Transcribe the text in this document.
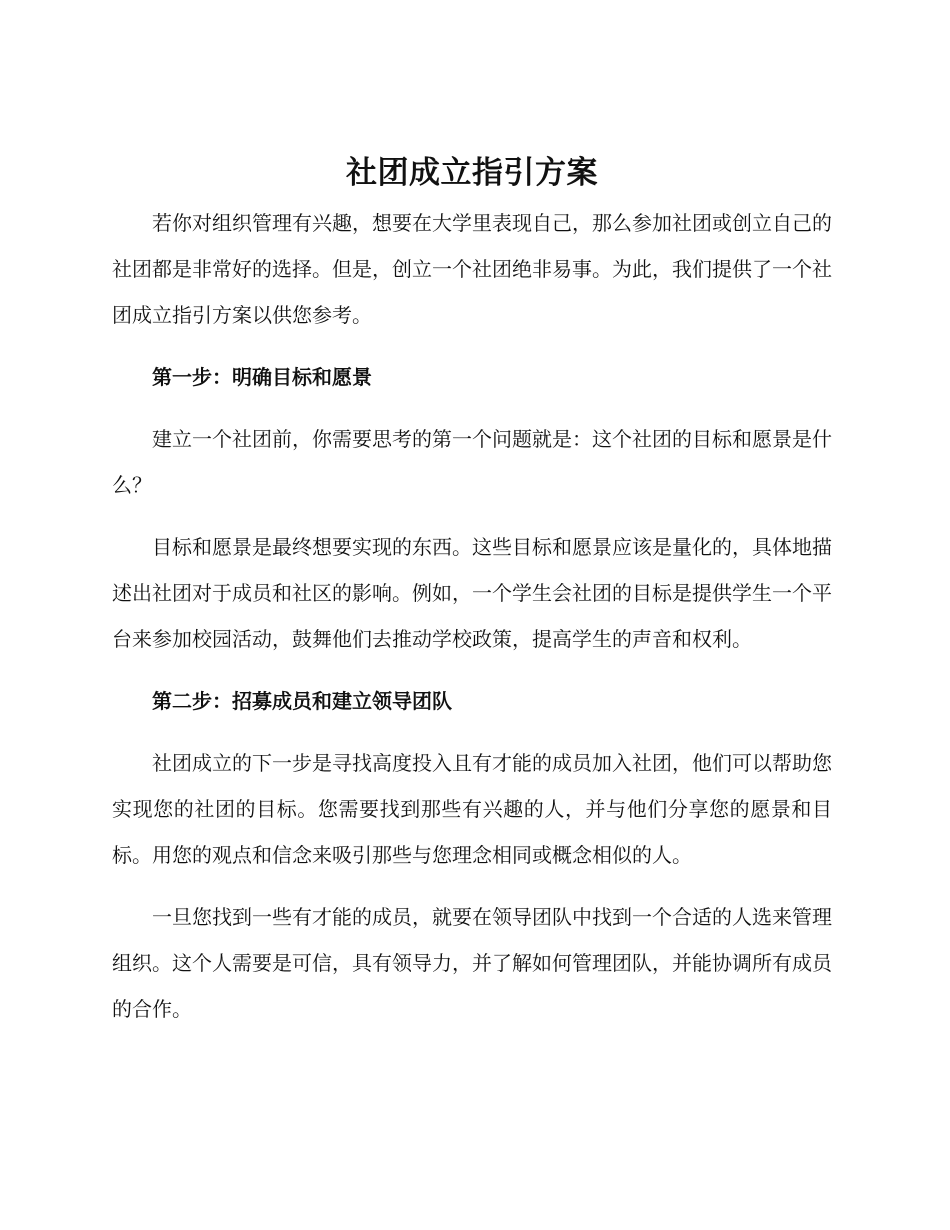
社团成立指引方案

若你对组织管理有兴趣，想要在大学里表现自己，那么参加社团或创立自己的社团都是非常好的选择。但是，创立一个社团绝非易事。为此，我们提供了一个社团成立指引方案以供您参考。

第一步：明确目标和愿景

建立一个社团前，你需要思考的第一个问题就是：这个社团的目标和愿景是什么？

目标和愿景是最终想要实现的东西。这些目标和愿景应该是量化的，具体地描述出社团对于成员和社区的影响。例如，一个学生会社团的目标是提供学生一个平台来参加校园活动，鼓舞他们去推动学校政策，提高学生的声音和权利。

第二步：招募成员和建立领导团队

社团成立的下一步是寻找高度投入且有才能的成员加入社团，他们可以帮助您实现您的社团的目标。您需要找到那些有兴趣的人，并与他们分享您的愿景和目标。用您的观点和信念来吸引那些与您理念相同或概念相似的人。

一旦您找到一些有才能的成员，就要在领导团队中找到一个合适的人选来管理组织。这个人需要是可信，具有领导力，并了解如何管理团队，并能协调所有成员的合作。
